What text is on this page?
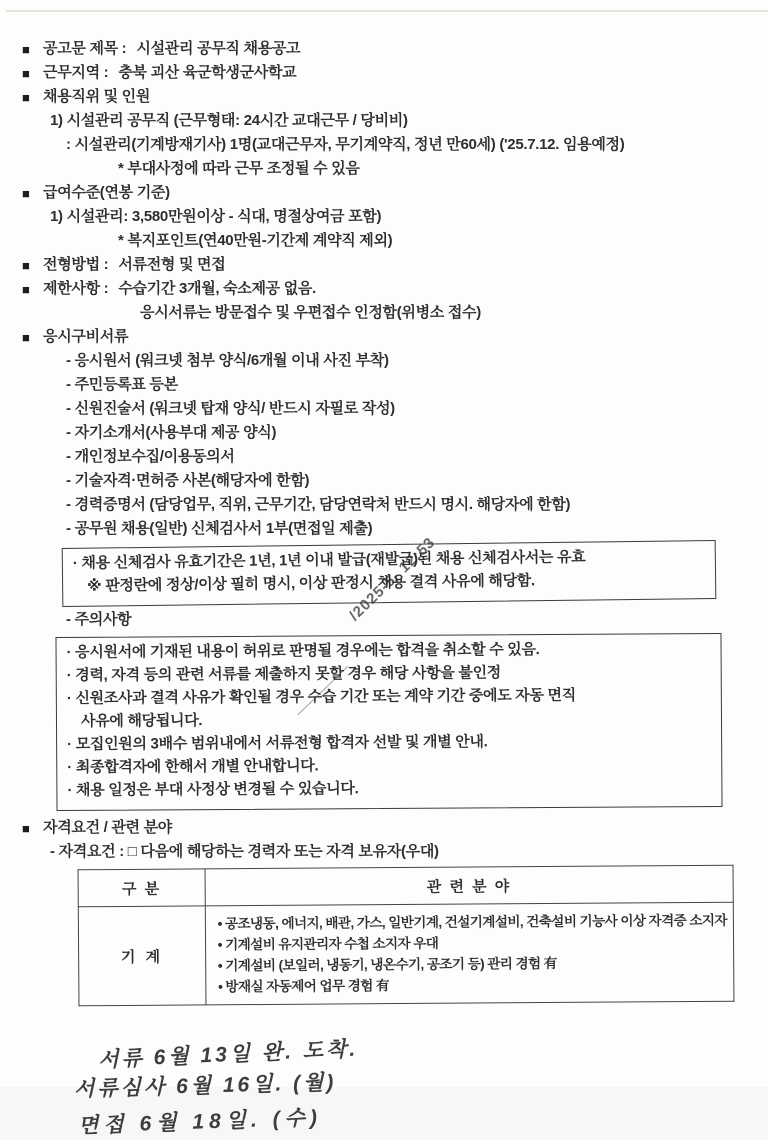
/2025-5- 12:53
■ 공고문 제목 : 시설관리 공무직 채용공고
■ 근무지역 : 충북 괴산 육군학생군사학교
■ 채용직위 및 인원
1) 시설관리 공무직 (근무형태: 24시간 교대근무 / 당비비)
: 시설관리(기계방재기사) 1명(교대근무자, 무기계약직, 정년 만60세) ('25.7.12. 임용예정)
* 부대사정에 따라 근무 조정될 수 있음
■ 급여수준(연봉 기준)
1) 시설관리: 3,580만원이상 - 식대, 명절상여금 포함)
* 복지포인트(연40만원-기간제 계약직 제외)
■ 전형방법 : 서류전형 및 면접
■ 제한사항 : 수습기간 3개월, 숙소제공 없음.
응시서류는 방문접수 및 우편접수 인정함(위병소 접수)
■ 응시구비서류
- 응시원서 (워크넷 첨부 양식/6개월 이내 사진 부착)
- 주민등록표 등본
- 신원진술서 (워크넷 탑재 양식/ 반드시 자필로 작성)
- 자기소개서(사용부대 제공 양식)
- 개인정보수집/이용동의서
- 기술자격·면허증 사본(해당자에 한함)
- 경력증명서 (담당업무, 직위, 근무기간, 담당연락처 반드시 명시. 해당자에 한함)
- 공무원 채용(일반) 신체검사서 1부(면접일 제출)
· 채용 신체검사 유효기간은 1년, 1년 이내 발급(재발급)된 채용 신체검사서는 유효
※ 판정란에 정상/이상 필히 명시, 이상 판정시 채용 결격 사유에 해당함.
- 주의사항
· 응시원서에 기재된 내용이 허위로 판명될 경우에는 합격을 취소할 수 있음.
· 경력, 자격 등의 관련 서류를 제출하지 못할 경우 해당 사항을 불인정
· 신원조사과 결격 사유가 확인될 경우 수습 기간 또는 계약 기간 중에도 자동 면직
사유에 해당됩니다.
· 모집인원의 3배수 범위내에서 서류전형 합격자 선발 및 개별 안내.
· 최종합격자에 한해서 개별 안내합니다.
· 채용 일정은 부대 사정상 변경될 수 있습니다.
■ 자격요건 / 관련 분야
- 자격요건 : □ 다음에 해당하는 경력자 또는 자격 보유자(우대)
구 분	관 련 분 야
기 계	• 공조냉동, 에너지, 배관, 가스, 일반기계, 건설기계설비, 건축설비 기능사 이상 자격증 소지자
• 기계설비 유지관리자 수첩 소지자 우대
• 기계설비 (보일러, 냉동기, 냉온수기, 공조기 등) 관리 경험 有
• 방재실 자동제어 업무 경험 有
서류 6월 13일 완. 도착.
서류심사 6월 16일. (월)
면접 6월 18일. (수)
